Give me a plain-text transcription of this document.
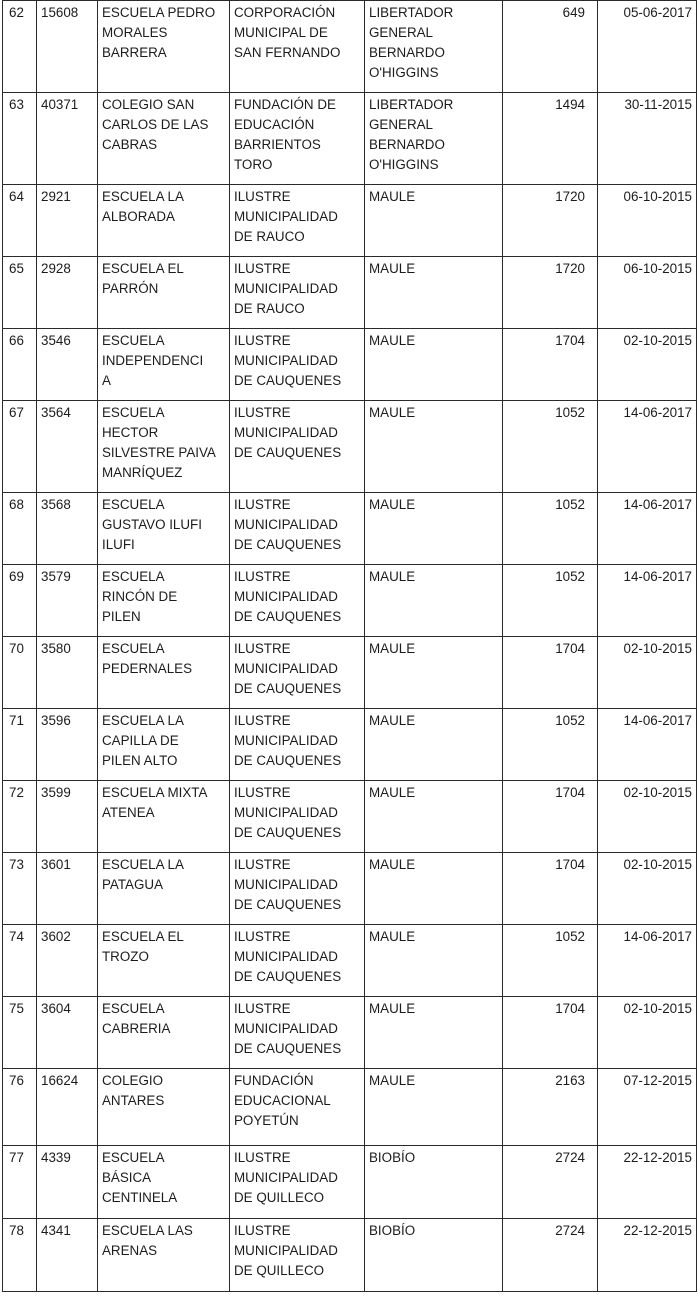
62	15608	ESCUELA PEDRO
MORALES
BARRERA	CORPORACIÓN
MUNICIPAL DE
SAN FERNANDO	LIBERTADOR
GENERAL
BERNARDO
O'HIGGINS	649	05-06-2017
63	40371	COLEGIO SAN
CARLOS DE LAS
CABRAS	FUNDACIÓN DE
EDUCACIÓN
BARRIENTOS
TORO	LIBERTADOR
GENERAL
BERNARDO
O'HIGGINS	1494	30-11-2015
64	2921	ESCUELA LA
ALBORADA	ILUSTRE
MUNICIPALIDAD
DE RAUCO	MAULE	1720	06-10-2015
65	2928	ESCUELA EL
PARRÓN	ILUSTRE
MUNICIPALIDAD
DE RAUCO	MAULE	1720	06-10-2015
66	3546	ESCUELA
INDEPENDENCI
A	ILUSTRE
MUNICIPALIDAD
DE CAUQUENES	MAULE	1704	02-10-2015
67	3564	ESCUELA
HECTOR
SILVESTRE PAIVA
MANRÍQUEZ	ILUSTRE
MUNICIPALIDAD
DE CAUQUENES	MAULE	1052	14-06-2017
68	3568	ESCUELA
GUSTAVO ILUFI
ILUFI	ILUSTRE
MUNICIPALIDAD
DE CAUQUENES	MAULE	1052	14-06-2017
69	3579	ESCUELA
RINCÓN DE
PILEN	ILUSTRE
MUNICIPALIDAD
DE CAUQUENES	MAULE	1052	14-06-2017
70	3580	ESCUELA
PEDERNALES	ILUSTRE
MUNICIPALIDAD
DE CAUQUENES	MAULE	1704	02-10-2015
71	3596	ESCUELA LA
CAPILLA DE
PILEN ALTO	ILUSTRE
MUNICIPALIDAD
DE CAUQUENES	MAULE	1052	14-06-2017
72	3599	ESCUELA MIXTA
ATENEA	ILUSTRE
MUNICIPALIDAD
DE CAUQUENES	MAULE	1704	02-10-2015
73	3601	ESCUELA LA
PATAGUA	ILUSTRE
MUNICIPALIDAD
DE CAUQUENES	MAULE	1704	02-10-2015
74	3602	ESCUELA EL
TROZO	ILUSTRE
MUNICIPALIDAD
DE CAUQUENES	MAULE	1052	14-06-2017
75	3604	ESCUELA
CABRERIA	ILUSTRE
MUNICIPALIDAD
DE CAUQUENES	MAULE	1704	02-10-2015
76	16624	COLEGIO
ANTARES	FUNDACIÓN
EDUCACIONAL
POYETÚN	MAULE	2163	07-12-2015
77	4339	ESCUELA
BÁSICA
CENTINELA	ILUSTRE
MUNICIPALIDAD
DE QUILLECO	BIOBÍO	2724	22-12-2015
78	4341	ESCUELA LAS
ARENAS	ILUSTRE
MUNICIPALIDAD
DE QUILLECO	BIOBÍO	2724	22-12-2015
